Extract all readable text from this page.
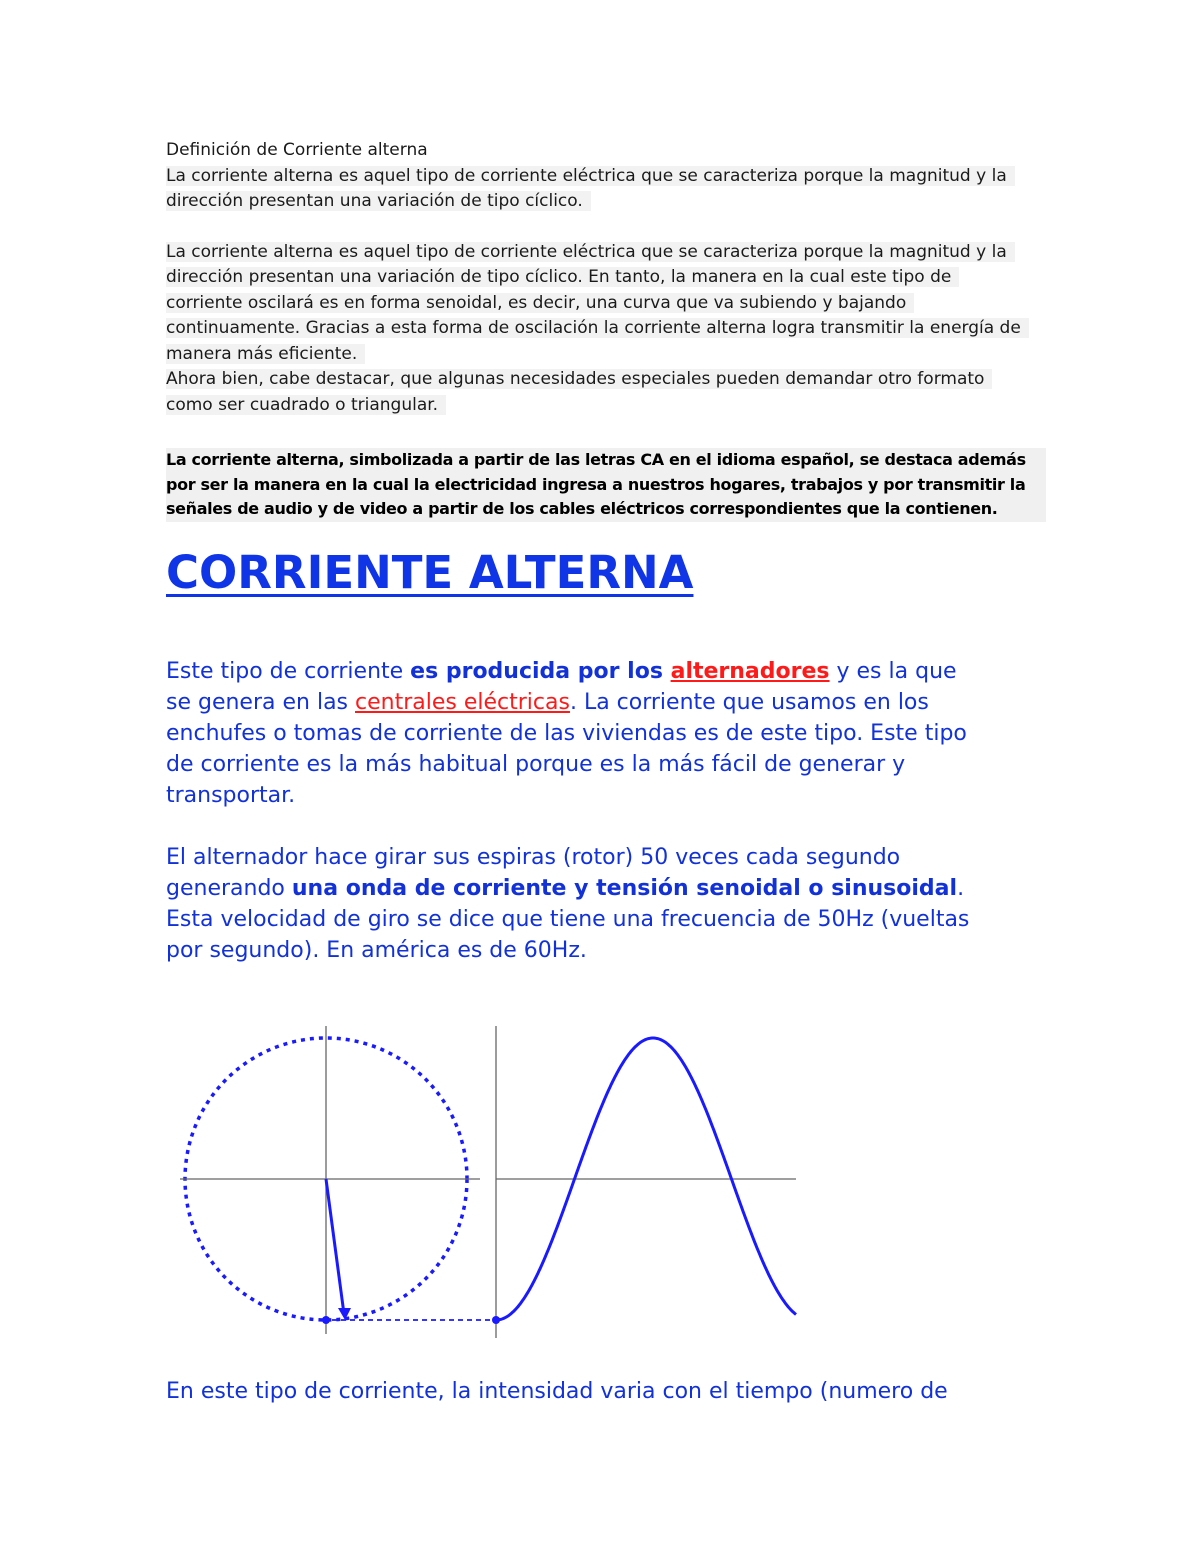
Definición de Corriente alterna
La corriente alterna es aquel tipo de corriente eléctrica que se caracteriza porque la magnitud y la
dirección presentan una variación de tipo cíclico.
La corriente alterna es aquel tipo de corriente eléctrica que se caracteriza porque la magnitud y la
dirección presentan una variación de tipo cíclico. En tanto, la manera en la cual este tipo de
corriente oscilará es en forma senoidal, es decir, una curva que va subiendo y bajando
continuamente. Gracias a esta forma de oscilación la corriente alterna logra transmitir la energía de
manera más eficiente.
Ahora bien, cabe destacar, que algunas necesidades especiales pueden demandar otro formato
como ser cuadrado o triangular.
La corriente alterna, simbolizada a partir de las letras CA en el idioma español, se destaca además
por ser la manera en la cual la electricidad ingresa a nuestros hogares, trabajos y por transmitir la
señales de audio y de video a partir de los cables eléctricos correspondientes que la contienen.
CORRIENTE ALTERNA
Este tipo de corriente es producida por los alternadores y es la que
se genera en las centrales eléctricas. La corriente que usamos en los
enchufes o tomas de corriente de las viviendas es de este tipo. Este tipo
de corriente es la más habitual porque es la más fácil de generar y
transportar.
El alternador hace girar sus espiras (rotor) 50 veces cada segundo
generando una onda de corriente y tensión senoidal o sinusoidal.
Esta velocidad de giro se dice que tiene una frecuencia de 50Hz (vueltas
por segundo). En américa es de 60Hz.
En este tipo de corriente, la intensidad varia con el tiempo (numero de
